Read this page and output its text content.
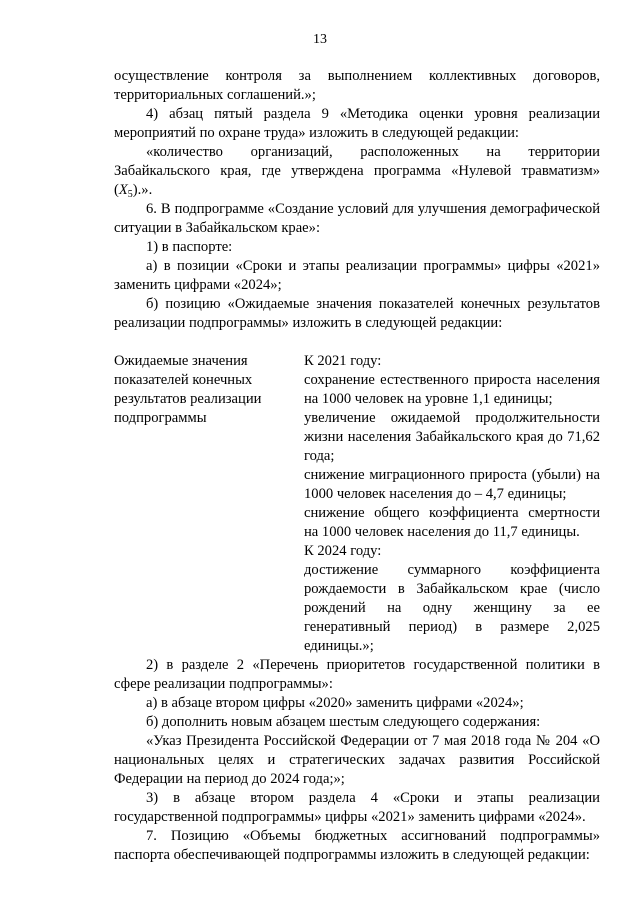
13

осуществление контроля за выполнением коллективных договоров, территориальных соглашений.»;

4) абзац пятый раздела 9 «Методика оценки уровня реализации мероприятий по охране труда» изложить в следующей редакции:

«количество организаций, расположенных на территории Забайкальского края, где утверждена программа «Нулевой травматизм» $(X_5)$.».

6. В подпрограмме «Создание условий для улучшения демографической ситуации в Забайкальском крае»:

1) в паспорте:

а) в позиции «Сроки и этапы реализации программы» цифры «2021» заменить цифрами «2024»;

б) позицию «Ожидаемые значения показателей конечных результатов реализации подпрограммы» изложить в следующей редакции:

Ожидаемые значения показателей конечных результатов реализации подпрограммы

К 2021 году:

сохранение естественного прироста населения на 1000 человек на уровне 1,1 единицы;

увеличение ожидаемой продолжительности жизни населения Забайкальского края до 71,62 года;

снижение миграционного прироста (убыли) на 1000 человек населения до – 4,7 единицы;

снижение общего коэффициента смертности на 1000 человек населения до 11,7 единицы.

К 2024 году:

достижение суммарного коэффициента рождаемости в Забайкальском крае (число рождений на одну женщину за ее генеративный период) в размере 2,025 единицы.»;

2) в разделе 2 «Перечень приоритетов государственной политики в сфере реализации подпрограммы»:

а) в абзаце втором цифры «2020» заменить цифрами «2024»;

б) дополнить новым абзацем шестым следующего содержания:

«Указ Президента Российской Федерации от 7 мая 2018 года № 204 «О национальных целях и стратегических задачах развития Российской Федерации на период до 2024 года;»;

3) в абзаце втором раздела 4 «Сроки и этапы реализации государственной подпрограммы» цифры «2021» заменить цифрами «2024».

7. Позицию «Объемы бюджетных ассигнований подпрограммы» паспорта обеспечивающей подпрограммы изложить в следующей редакции:
